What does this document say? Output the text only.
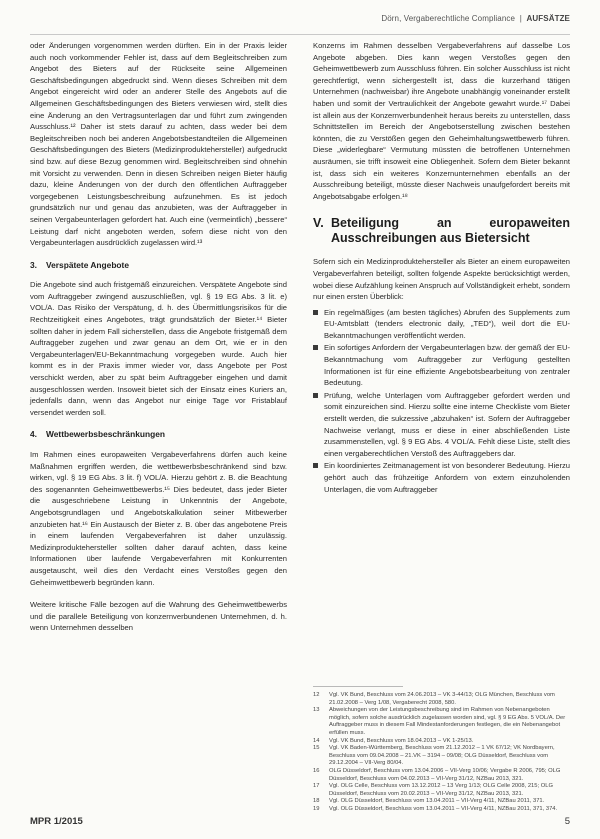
Dörn, Vergaberechtliche Compliance  |  AUFSÄTZE

oder Änderungen vorgenommen werden dürften. Ein in der Praxis leider auch noch vorkommender Fehler ist, dass auf dem Begleitschreiben zum Angebot des Bieters auf der Rückseite seine Allgemeinen Geschäftsbedingungen abgedruckt sind. Wenn dieses Schreiben mit dem Angebot eingereicht wird oder an anderer Stelle des Angebots auf die Allgemeinen Geschäftsbedingungen des Bieters verwiesen wird, stellt dies eine Änderung an den Vertragsunterlagen dar und führt zum zwingenden Ausschluss.¹² Daher ist stets darauf zu achten, dass weder bei dem Begleitschreiben noch bei anderen Angebotsbestandteilen die Allgemeinen Geschäftsbedingungen des Bieters (Medizinproduktehersteller) aufgedruckt sind bzw. auf diese Bezug genommen wird. Begleitschreiben sind ohnehin mit Vorsicht zu verwenden. Denn in diesen Schreiben neigen Bieter häufig dazu, kleine Änderungen von der durch den öffentlichen Auftraggeber vorgegebenen Leistungsbeschreibung aufzunehmen. Es ist jedoch grundsätzlich nur und genau das anzubieten, was der Auftraggeber in seinen Vergabeunterlagen gefordert hat. Auch eine (vermeintlich) „bessere“ Leistung darf nicht angeboten werden, sofern diese nicht von den Vergabeunterlagen ausdrücklich zugelassen wird.¹³

3. Verspätete Angebote

Die Angebote sind auch fristgemäß einzureichen. Verspätete Angebote sind vom Auftraggeber zwingend auszuschließen, vgl. § 19 EG Abs. 3 lit. e) VOL/A. Das Risiko der Verspätung, d. h. des Übermittlungsrisikos für die Rechtzeitigkeit eines Angebotes, trägt grundsätzlich der Bieter.¹⁴ Bieter sollten daher in jedem Fall sicherstellen, dass die Angebote fristgemäß dem Auftraggeber zugehen und zwar genau an dem Ort, wie er in den Vergabeunterlagen/EU-Bekanntmachung vorgegeben wurde. Auch hier kommt es in der Praxis immer wieder vor, dass Angebote per Post verschickt werden, aber zu spät beim Auftraggeber eingehen und damit ausgeschlossen werden. Insoweit bietet sich der Einsatz eines Kuriers an, jedenfalls dann, wenn das Angebot nur einige Tage vor Fristablauf versendet werden soll.

4. Wettbewerbsbeschränkungen

Im Rahmen eines europaweiten Vergabeverfahrens dürfen auch keine Maßnahmen ergriffen werden, die wettbewerbsbeschränkend sind bzw. wirken, vgl. § 19 EG Abs. 3 lit. f) VOL/A. Hierzu gehört z. B. die Beachtung des sogenannten Geheimwettbewerbs.¹⁵ Dies bedeutet, dass jeder Bieter die ausgeschriebene Leistung in Unkenntnis der Angebote, Angebotsgrundlagen und Angebotskalkulation seiner Mitbewerber anzubieten hat.¹⁶ Ein Austausch der Bieter z. B. über das angebotene Preis in einem laufenden Vergabeverfahren ist daher unzulässig. Medizinproduktehersteller sollten daher darauf achten, dass keine Informationen über laufende Vergabeverfahren mit Konkurrenten ausgetauscht, weil dies den Verdacht eines Verstoßes gegen den Geheimwettbewerb begründen kann.

Weitere kritische Fälle bezogen auf die Wahrung des Geheimwettbewerbs und die parallele Beteiligung von konzernverbundenen Unternehmen, d. h. wenn Unternehmen desselben

Konzerns im Rahmen desselben Vergabeverfahrens auf dasselbe Los Angebote abgeben. Dies kann wegen Verstoßes gegen den Geheimwettbewerb zum Ausschluss führen. Ein solcher Ausschluss ist nicht gerechtfertigt, wenn sichergestellt ist, dass die kurzerhand tätigen Unternehmen (nachweisbar) ihre Angebote unabhängig voneinander erstellt haben und somit der Vertraulichkeit der Angebote gewahrt wurde.¹⁷ Dabei ist allein aus der Konzernverbundenheit heraus bereits zu unterstellen, dass Schnittstellen im Bereich der Angebotserstellung zwischen bestehen könnten, die zu Verstößen gegen den Geheimhaltungswettbewerb führen. Diese „widerlegbare“ Vermutung müssten die betroffenen Unternehmen ausräumen, sie trifft insoweit eine Obliegenheit. Sofern dem Bieter bekannt ist, dass sich ein weiteres Konzernunternehmen ebenfalls an der Ausschreibung beteiligt, müsste dieser Nachweis unaufgefordert bereits mit Angebotsabgabe erfolgen.¹⁸

V. Beteiligung an europaweiten Ausschreibungen aus Bietersicht

Sofern sich ein Medizinproduktehersteller als Bieter an einem europaweiten Vergabeverfahren beteiligt, sollten folgende Aspekte berücksichtigt werden, wobei diese Aufzählung keinen Anspruch auf Vollständigkeit erhebt, sondern nur einen ersten Überblick:

Ein regelmäßiges (am besten tägliches) Abrufen des Supplements zum EU-Amtsblatt (tenders electronic daily, „TED“), weil dort die EU-Bekanntmachungen veröffentlicht werden.
Ein sofortiges Anfordern der Vergabeunterlagen bzw. der gemäß der EU-Bekanntmachung vom Auftraggeber zur Verfügung gestellten Informationen ist für eine effiziente Angebotsbearbeitung von zentraler Bedeutung.
Prüfung, welche Unterlagen vom Auftraggeber gefordert werden und somit einzureichen sind. Hierzu sollte eine interne Checkliste vom Bieter erstellt werden, die sukzessive „abzuhaken“ ist. Sofern der Auftraggeber Nachweise verlangt, muss er diese in einer abschließenden Liste zusammenstellen, vgl. § 9 EG Abs. 4 VOL/A. Fehlt diese Liste, stellt dies einen vergaberechtlichen Verstoß des Auftraggebers dar.
Ein koordiniertes Zeitmanagement ist von besonderer Bedeutung. Hierzu gehört auch das frühzeitige Anfordern von extern einzuholenden Unterlagen, die vom Auftraggeber
12	Vgl. VK Bund, Beschluss vom 24.06.2013 – VK 3-44/13; OLG München, Beschluss vom 21.02.2008 – Verg 1/08, Vergaberecht 2008, 580.
13	Abweichungen von der Leistungsbeschreibung sind im Rahmen von Nebenangeboten möglich, sofern solche ausdrücklich zugelassen worden sind, vgl. § 9 EG Abs. 5 VOL/A. Der Auftraggeber muss in diesem Fall Mindestanforderungen festlegen, die ein Nebenangebot erfüllen muss.
14	Vgl. VK Bund, Beschluss vom 18.04.2013 – VK 1-25/13.
15	Vgl. VK Baden-Württemberg, Beschluss vom 21.12.2012 – 1 VK 67/12; VK Nordbayern, Beschluss vom 09.04.2008 – 21.VK – 3194 – 09/08; OLG Düsseldorf, Beschluss vom 29.12.2004 – VII-Verg 80/04.
16	OLG Düsseldorf, Beschluss vom 13.04.2006 – VII-Verg 10/06; Vergabe R 2006, 795; OLG Düsseldorf, Beschluss vom 04.02.2013 – VII-Verg 31/12, NZBau 2013, 321.
17	Vgl. OLG Celle, Beschluss vom 13.12.2012 – 13 Verg 1/13; OLG Celle 2008, 215; OLG Düsseldorf, Beschluss vom 20.02.2013 – VII-Verg 31/12, NZBau 2013, 321.
18	Vgl. OLG Düsseldorf, Beschluss vom 13.04.2011 – VII-Verg 4/11, NZBau 2011, 371.
19	Vgl. OLG Düsseldorf, Beschluss vom 13.04.2011 – VII-Verg 4/11, NZBau 2011, 371, 374.
MPR 1/2015	5
